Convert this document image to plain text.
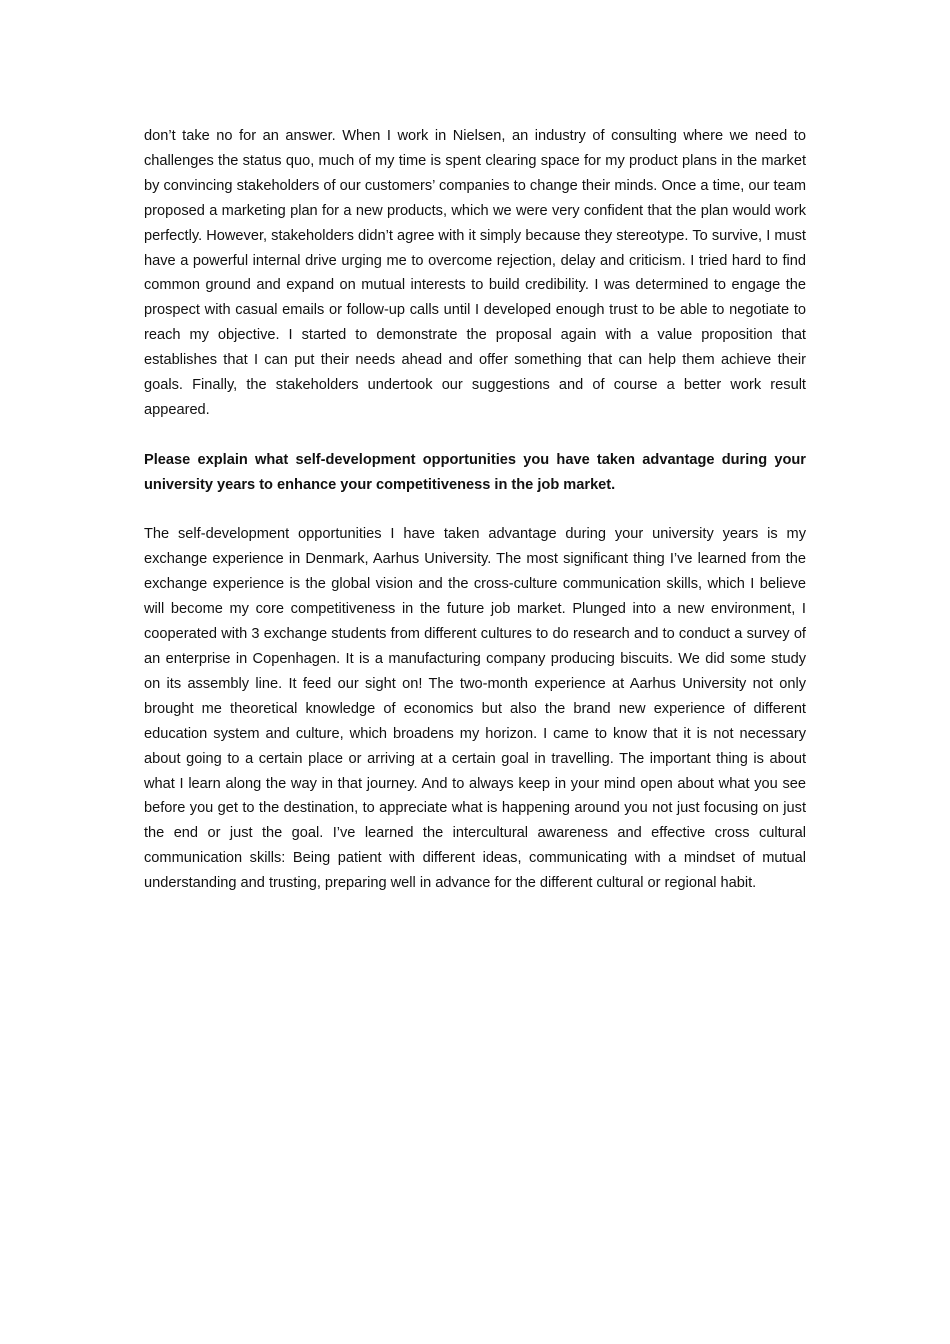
don’t take no for an answer. When I work in Nielsen, an industry of consulting where we need to challenges the status quo, much of my time is spent clearing space for my product plans in the market by convincing stakeholders of our customers’ companies to change their minds. Once a time, our team proposed a marketing plan for a new products, which we were very confident that the plan would work perfectly. However, stakeholders didn’t agree with it simply because they stereotype. To survive, I must have a powerful internal drive urging me to overcome rejection, delay and criticism. I tried hard to find common ground and expand on mutual interests to build credibility. I was determined to engage the prospect with casual emails or follow-up calls until I developed enough trust to be able to negotiate to reach my objective. I started to demonstrate the proposal again with a value proposition that establishes that I can put their needs ahead and offer something that can help them achieve their goals. Finally, the stakeholders undertook our suggestions and of course a better work result appeared.

Please explain what self-development opportunities you have taken advantage during your university years to enhance your competitiveness in the job market.

The self-development opportunities I have taken advantage during your university years is my exchange experience in Denmark, Aarhus University. The most significant thing I’ve learned from the exchange experience is the global vision and the cross-culture communication skills, which I believe will become my core competitiveness in the future job market. Plunged into a new environment, I cooperated with 3 exchange students from different cultures to do research and to conduct a survey of an enterprise in Copenhagen. It is a manufacturing company producing biscuits. We did some study on its assembly line. It feed our sight on! The two-month experience at Aarhus University not only brought me theoretical knowledge of economics but also the brand new experience of different education system and culture, which broadens my horizon. I came to know that it is not necessary about going to a certain place or arriving at a certain goal in travelling. The important thing is about what I learn along the way in that journey. And to always keep in your mind open about what you see before you get to the destination, to appreciate what is happening around you not just focusing on just the end or just the goal. I’ve learned the intercultural awareness and effective cross cultural communication skills: Being patient with different ideas, communicating with a mindset of mutual understanding and trusting, preparing well in advance for the different cultural or regional habit.
